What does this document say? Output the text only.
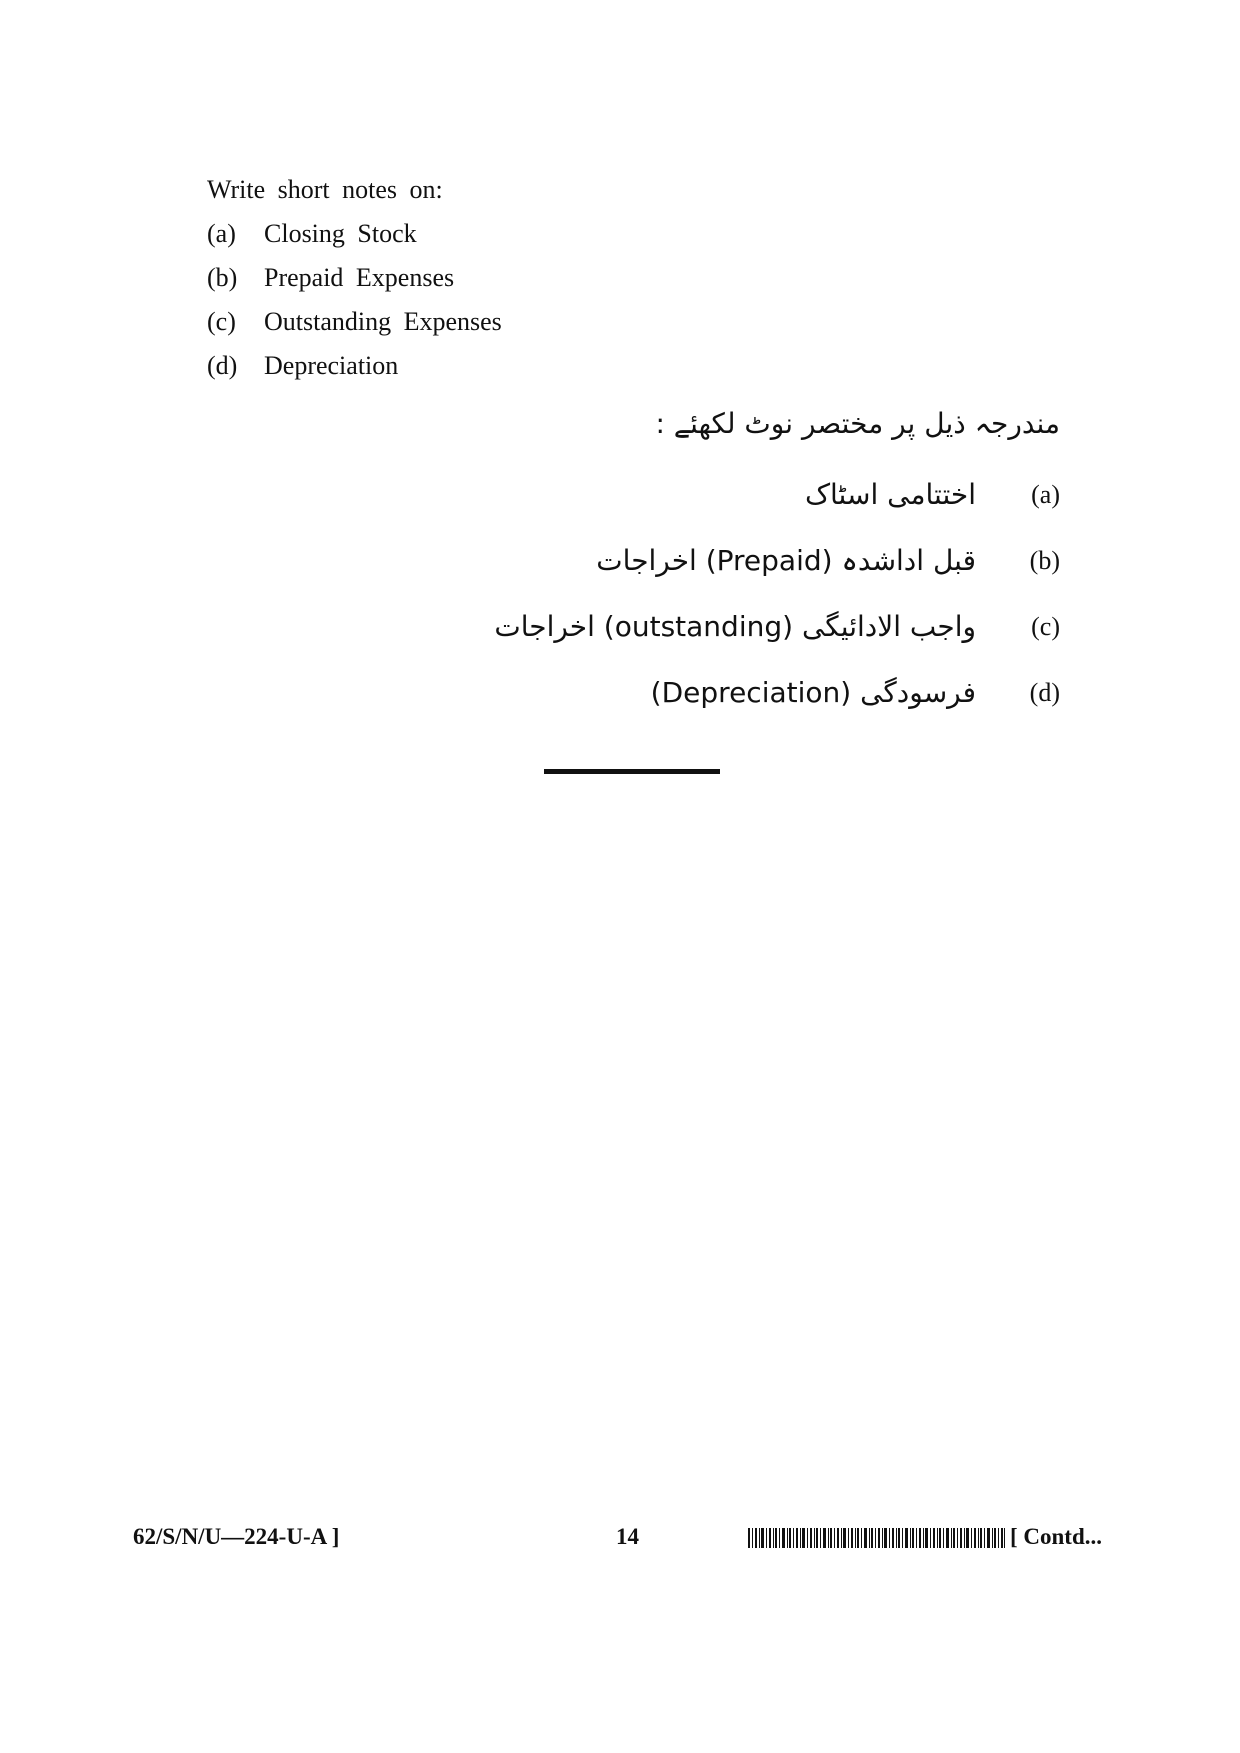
Write short notes on:

(a)	Closing Stock
(b)	Prepaid Expenses
(c)	Outstanding Expenses
(d)	Depreciation

مندرجہ ذیل پر مختصر نوٹ لکھئے :

(a)
اختتامی اسٹاک
(b)
قبل اداشدہ (Prepaid) اخراجات
(c)
واجب الادائیگی (outstanding) اخراجات
(d)
فرسودگی (Depreciation)
62/S/N/U—224-U-A ]	14	[ Contd...
